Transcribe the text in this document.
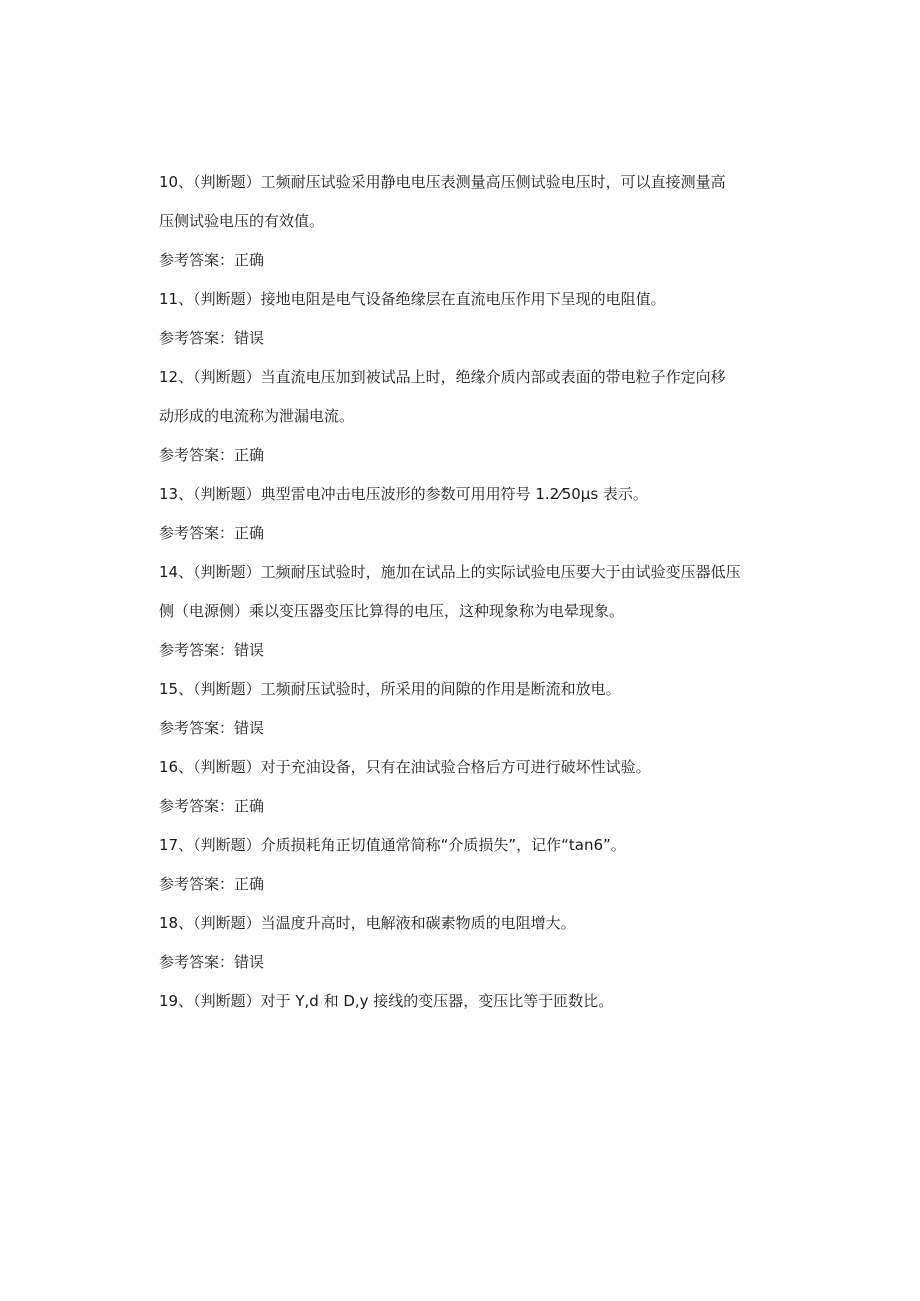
10、（判断题）工频耐压试验采用静电电压表测量高压侧试验电压时，可以直接测量高
压侧试验电压的有效值。
参考答案：正确
11、（判断题）接地电阻是电气设备绝缘层在直流电压作用下呈现的电阻值。
参考答案：错误
12、（判断题）当直流电压加到被试品上时，绝缘介质内部或表面的带电粒子作定向移
动形成的电流称为泄漏电流。
参考答案：正确
13、（判断题）典型雷电冲击电压波形的参数可用用符号 1.2⁄50μs 表示。
参考答案：正确
14、（判断题）工频耐压试验时，施加在试品上的实际试验电压要大于由试验变压器低压
侧（电源侧）乘以变压器变压比算得的电压，这种现象称为电晕现象。
参考答案：错误
15、（判断题）工频耐压试验时，所采用的间隙的作用是断流和放电。
参考答案：错误
16、（判断题）对于充油设备，只有在油试验合格后方可进行破坏性试验。
参考答案：正确
17、（判断题）介质损耗角正切值通常简称“介质损失”，记作“tan6”。
参考答案：正确
18、（判断题）当温度升高时，电解液和碳素物质的电阻增大。
参考答案：错误
19、（判断题）对于 Y,d 和 D,y 接线的变压器，变压比等于匝数比。
